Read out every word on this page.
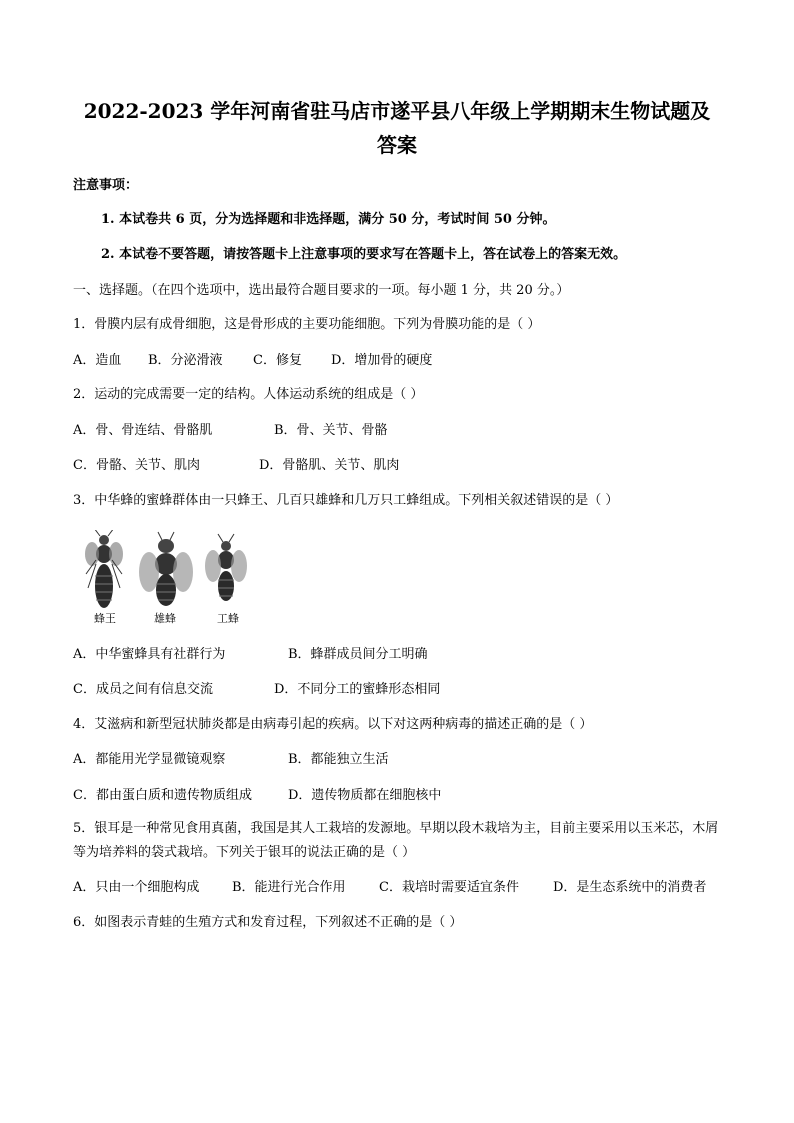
2022-2023 学年河南省驻马店市遂平县八年级上学期期末生物试题及
答案
注意事项：
1. 本试卷共 6 页，分为选择题和非选择题，满分 50 分，考试时间 50 分钟。
2. 本试卷不要答题，请按答题卡上注意事项的要求写在答题卡上，答在试卷上的答案无效。
一、选择题。（在四个选项中，选出最符合题目要求的一项。每小题 1 分，共 20 分。）
1．骨膜内层有成骨细胞，这是骨形成的主要功能细胞。下列为骨膜功能的是（ ）
A．造血 B．分泌滑液 C．修复 D．增加骨的硬度
2．运动的完成需要一定的结构。人体运动系统的组成是（ ）
A．骨、骨连结、骨骼肌	B．骨、关节、骨骼
C．骨骼、关节、肌肉	D．骨骼肌、关节、肌肉
3．中华蜂的蜜蜂群体由一只蜂王、几百只雄蜂和几万只工蜂组成。下列相关叙述错误的是（ ）
蜂王	雄蜂	工蜂
A．中华蜜蜂具有社群行为	B．蜂群成员间分工明确
C．成员之间有信息交流	D．不同分工的蜜蜂形态相同
4．艾滋病和新型冠状肺炎都是由病毒引起的疾病。以下对这两种病毒的描述正确的是（ ）
A．都能用光学显微镜观察	B．都能独立生活
C．都由蛋白质和遗传物质组成	D．遗传物质都在细胞核中
5．银耳是一种常见食用真菌，我国是其人工栽培的发源地。早期以段木栽培为主，目前主要采用以玉米芯，木屑等为培养料的袋式栽培。下列关于银耳的说法正确的是（ ）
A．只由一个细胞构成	B．能进行光合作用	C．栽培时需要适宜条件	D．是生态系统中的消费者
6．如图表示青蛙的生殖方式和发育过程，下列叙述不正确的是（ ）
